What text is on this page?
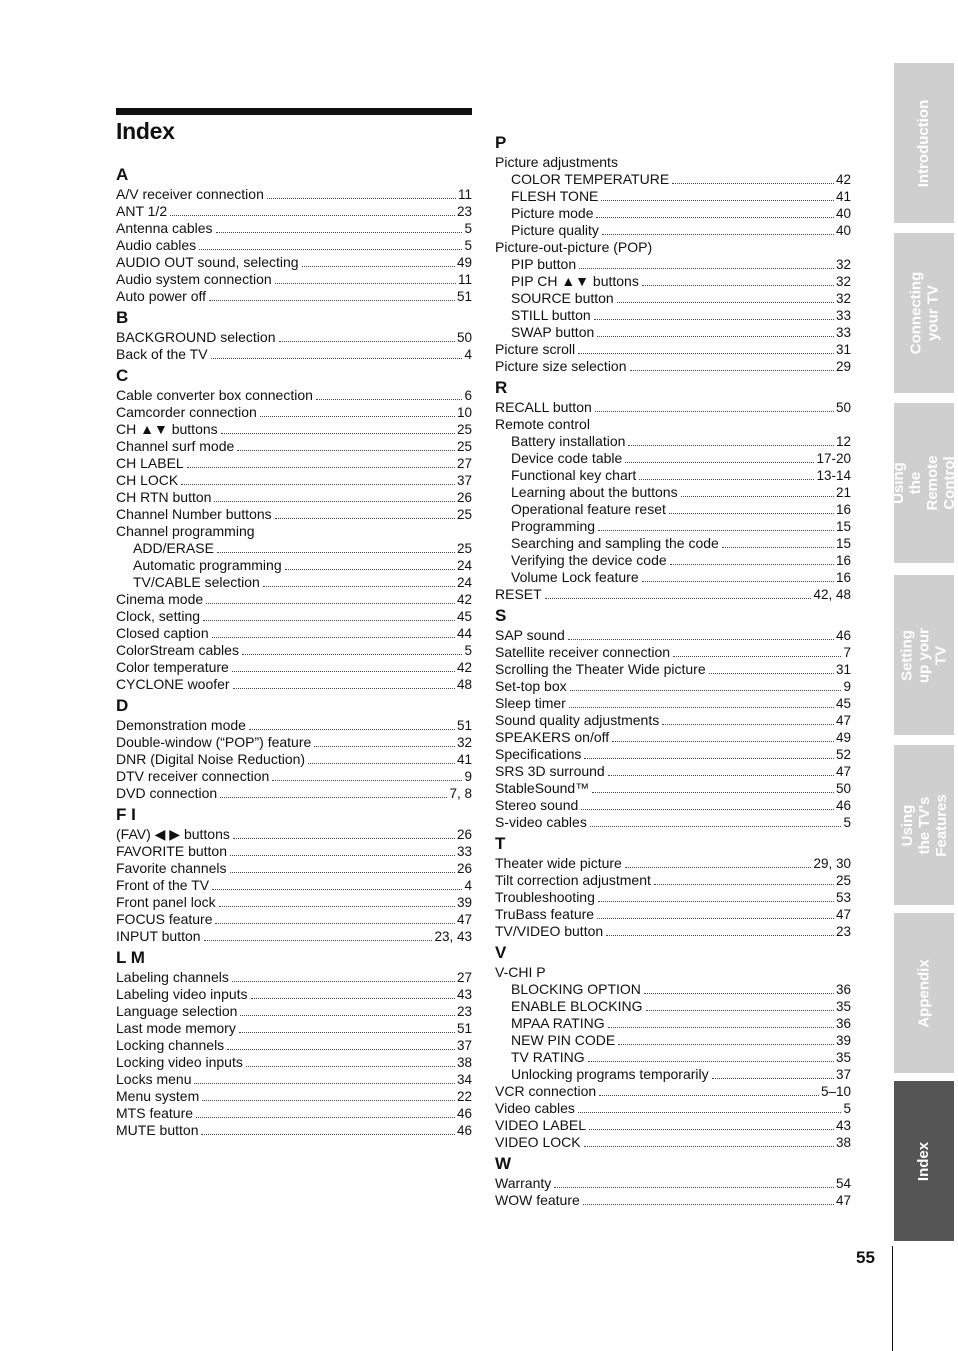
Index
A
A/V receiver connection	11
ANT 1/2	23
Antenna cables	5
Audio cables	5
AUDIO OUT sound, selecting	49
Audio system connection	11
Auto power off	51
B
BACKGROUND selection	50
Back of the TV	4
C
Cable converter box connection	6
Camcorder connection	10
CH ▲▼ buttons	25
Channel surf mode	25
CH LABEL	27
CH LOCK	37
CH RTN button	26
Channel Number buttons	25
Channel programming
ADD/ERASE	25
Automatic programming	24
TV/CABLE selection	24
Cinema mode	42
Clock, setting	45
Closed caption	44
ColorStream cables	5
Color temperature	42
CYCLONE woofer	48
D
Demonstration mode	51
Double-window (“POP”) feature	32
DNR (Digital Noise Reduction)	41
DTV receiver connection	9
DVD connection	7, 8
F I
(FAV) ◀ ▶ buttons	26
FAVORITE button	33
Favorite channels	26
Front of the TV	4
Front panel lock	39
FOCUS feature	47
INPUT button	23, 43
L M
Labeling channels	27
Labeling video inputs	43
Language selection	23
Last mode memory	51
Locking channels	37
Locking video inputs	38
Locks menu	34
Menu system	22
MTS feature	46
MUTE button	46
P
Picture adjustments
COLOR TEMPERATURE	42
FLESH TONE	41
Picture mode	40
Picture quality	40
Picture-out-picture (POP)
PIP button	32
PIP CH ▲▼ buttons	32
SOURCE button	32
STILL button	33
SWAP button	33
Picture scroll	31
Picture size selection	29
R
RECALL button	50
Remote control
Battery installation	12
Device code table	17-20
Functional key chart	13-14
Learning about the buttons	21
Operational feature reset	16
Programming	15
Searching and sampling the code	15
Verifying the device code	16
Volume Lock feature	16
RESET	42, 48
S
SAP sound	46
Satellite receiver connection	7
Scrolling the Theater Wide picture	31
Set-top box	9
Sleep timer	45
Sound quality adjustments	47
SPEAKERS on/off	49
Specifications	52
SRS 3D surround	47
StableSound™	50
Stereo sound	46
S-video cables	5
T
Theater wide picture	29, 30
Tilt correction adjustment	25
Troubleshooting	53
TruBass feature	47
TV/VIDEO button	23
V
V-CHI P
BLOCKING OPTION	36
ENABLE BLOCKING	35
MPAA RATING	36
NEW PIN CODE	39
TV RATING	35
Unlocking programs temporarily	37
VCR connection	5–10
Video cables	5
VIDEO LABEL	43
VIDEO LOCK	38
W
Warranty	54
WOW feature	47
Introduction
Connecting your TV
Using the Remote Control
Setting up your TV
Using the TV's Features
Appendix
Index
55
